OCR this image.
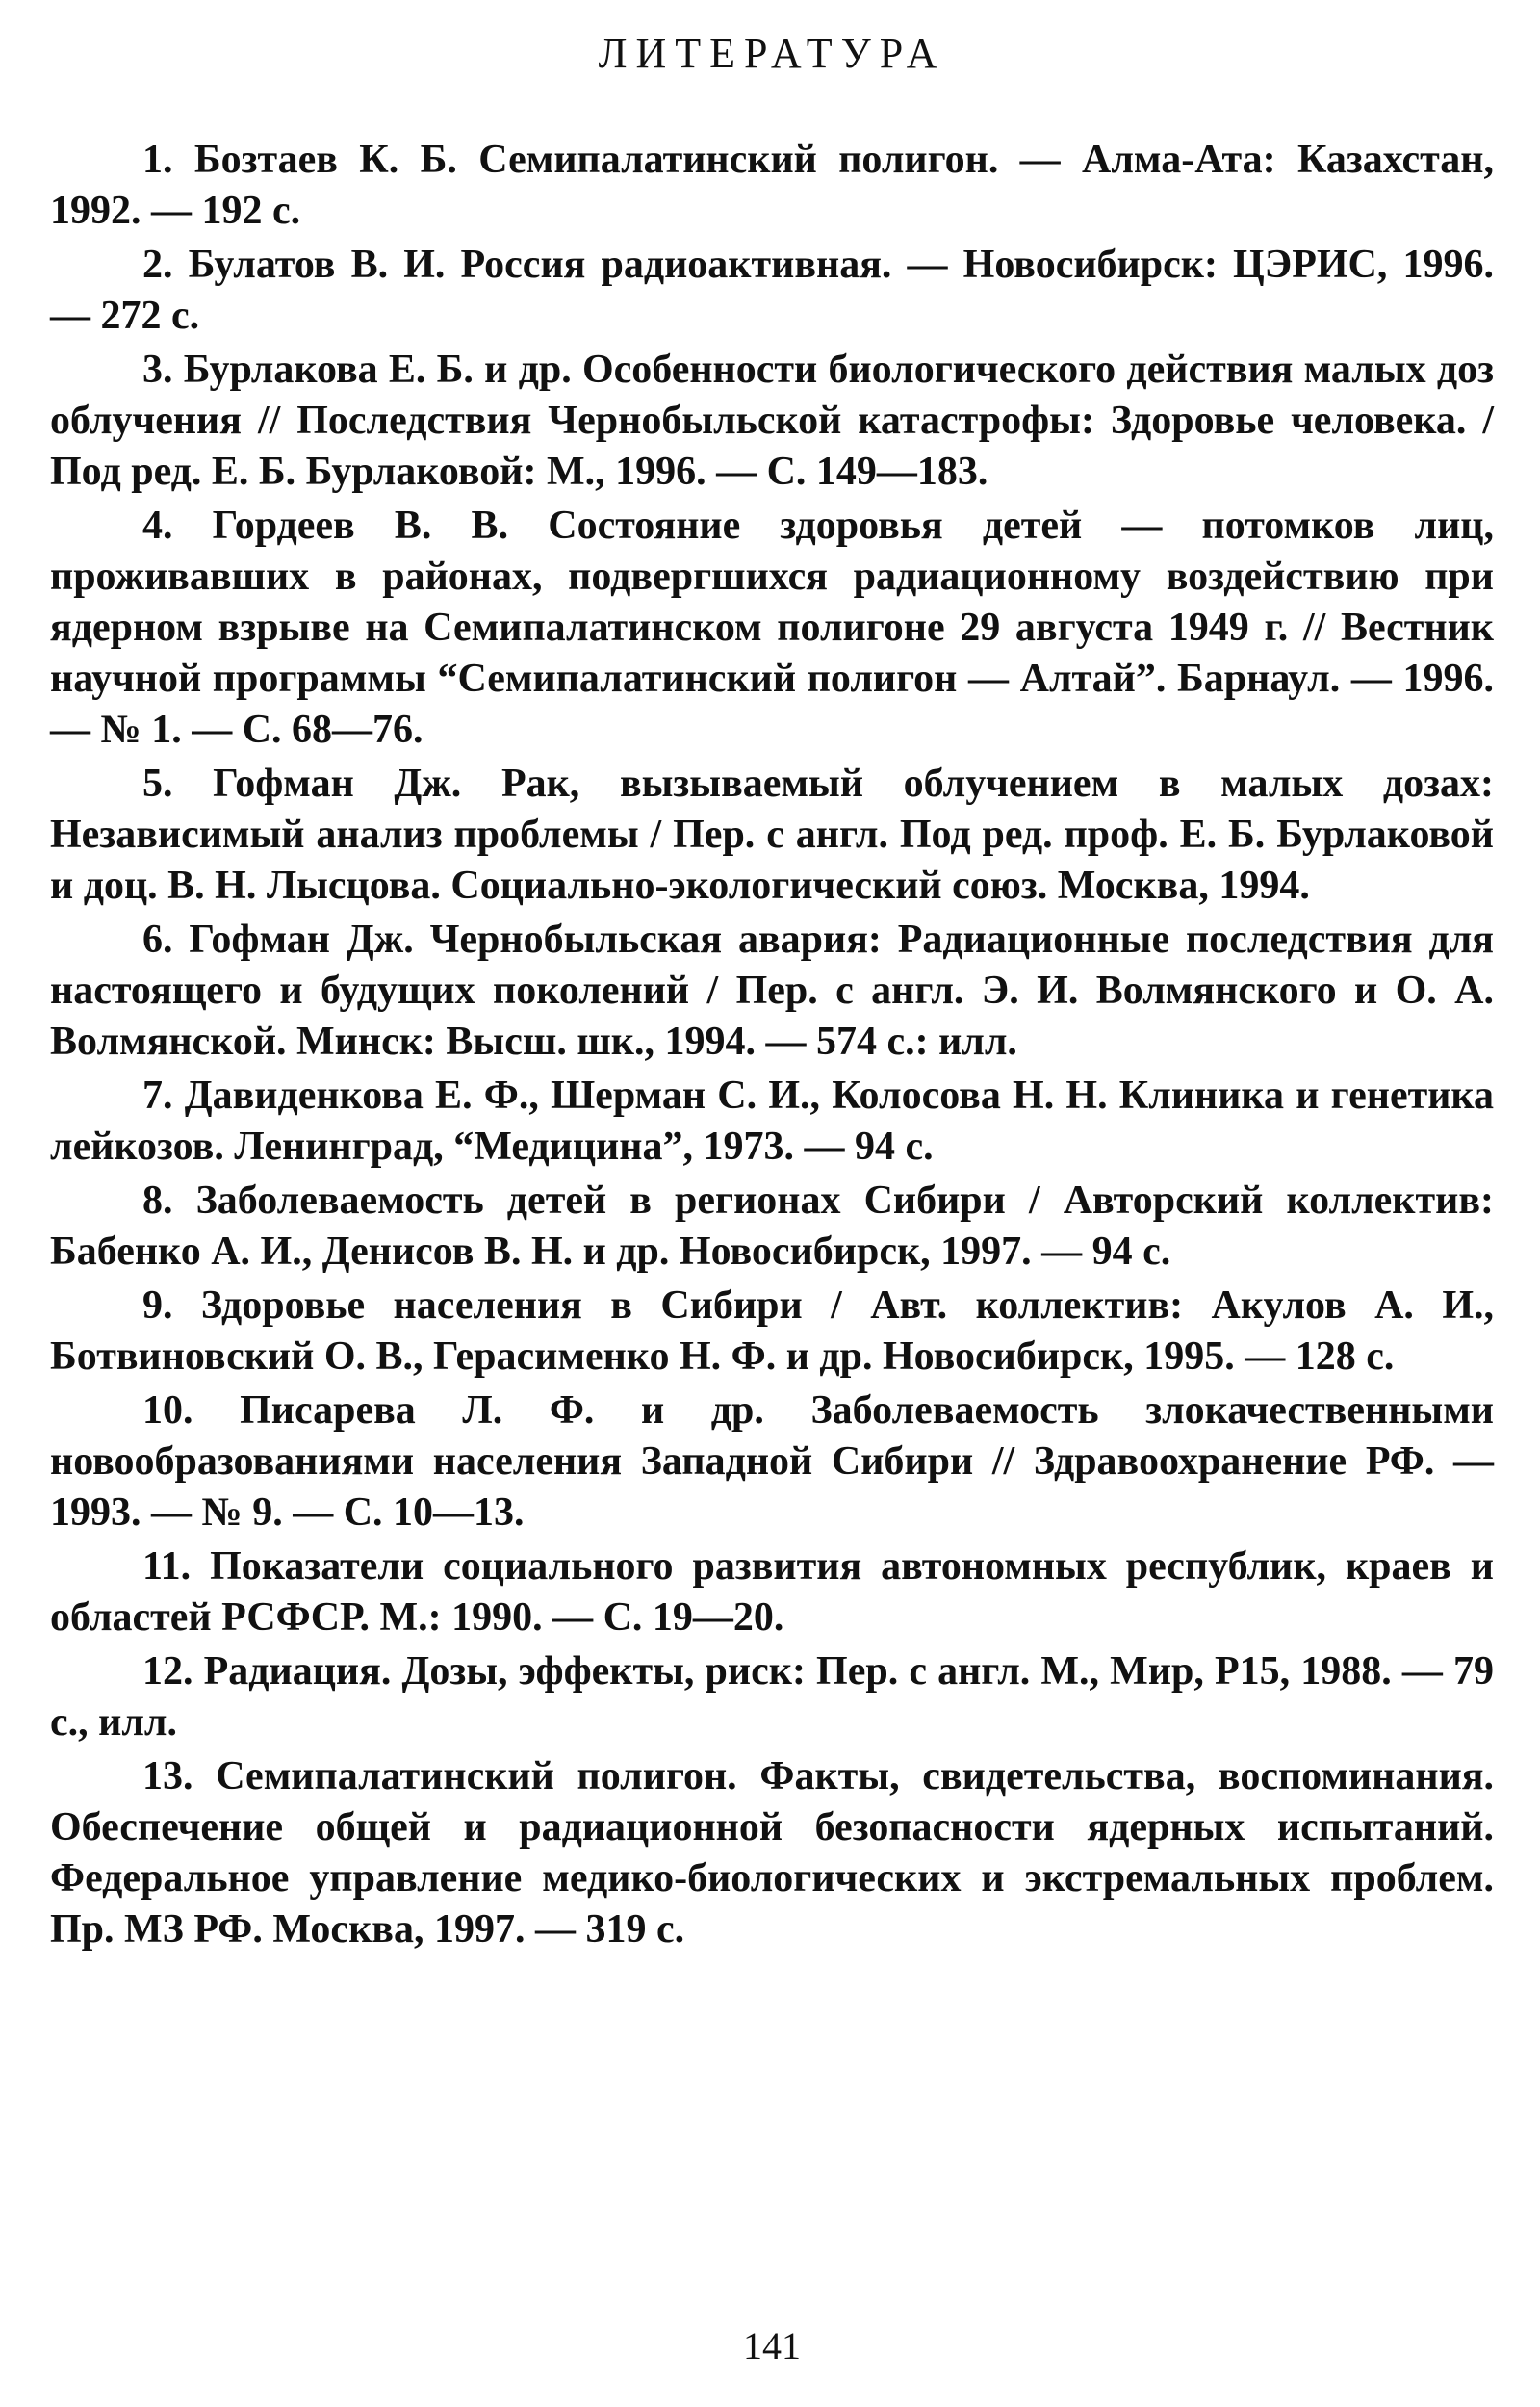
ЛИТЕРАТУРА

1. Бозтаев К. Б. Семипалатинский полигон. — Алма-Ата: Казахстан, 1992. — 192 с.

2. Булатов В. И. Россия радиоактивная. — Новосибирск: ЦЭРИС, 1996. — 272 с.

3. Бурлакова Е. Б. и др. Особенности биологического действия малых доз облучения // Последствия Чернобыльской катастрофы: Здоровье человека. / Под ред. Е. Б. Бурлаковой: М., 1996. — С. 149—183.

4. Гордеев В. В. Состояние здоровья детей — потомков лиц, проживавших в районах, подвергшихся радиационному воздействию при ядерном взрыве на Семипалатинском полигоне 29 августа 1949 г. // Вестник научной программы “Семипалатинский полигон — Алтай”. Барнаул. — 1996. — № 1. — С. 68—76.

5. Гофман Дж. Рак, вызываемый облучением в малых дозах: Независимый анализ проблемы / Пер. с англ. Под ред. проф. Е. Б. Бурлаковой и доц. В. Н. Лысцова. Социально-экологический союз. Москва, 1994.

6. Гофман Дж. Чернобыльская авария: Радиационные последствия для настоящего и будущих поколений / Пер. с англ. Э. И. Волмянского и О. А. Волмянской. Минск: Высш. шк., 1994. — 574 с.: илл.

7. Давиденкова Е. Ф., Шерман С. И., Колосова Н. Н. Клиника и генетика лейкозов. Ленинград, “Медицина”, 1973. — 94 с.

8. Заболеваемость детей в регионах Сибири / Авторский коллектив: Бабенко А. И., Денисов В. Н. и др. Новосибирск, 1997. — 94 с.

9. Здоровье населения в Сибири / Авт. коллектив: Акулов А. И., Ботвиновский О. В., Герасименко Н. Ф. и др. Новосибирск, 1995. — 128 с.

10. Писарева Л. Ф. и др. Заболеваемость злокачественными новообразованиями населения Западной Сибири // Здравоохранение РФ. — 1993. — № 9. — С. 10—13.

11. Показатели социального развития автономных республик, краев и областей РСФСР. М.: 1990. — С. 19—20.

12. Радиация. Дозы, эффекты, риск: Пер. с англ. М., Мир, Р15, 1988. — 79 с., илл.

13. Семипалатинский полигон. Факты, свидетельства, воспоминания. Обеспечение общей и радиационной безопасности ядерных испытаний. Федеральное управление медико-биологических и экстремальных проблем. Пр. МЗ РФ. Москва, 1997. — 319 с.

141
